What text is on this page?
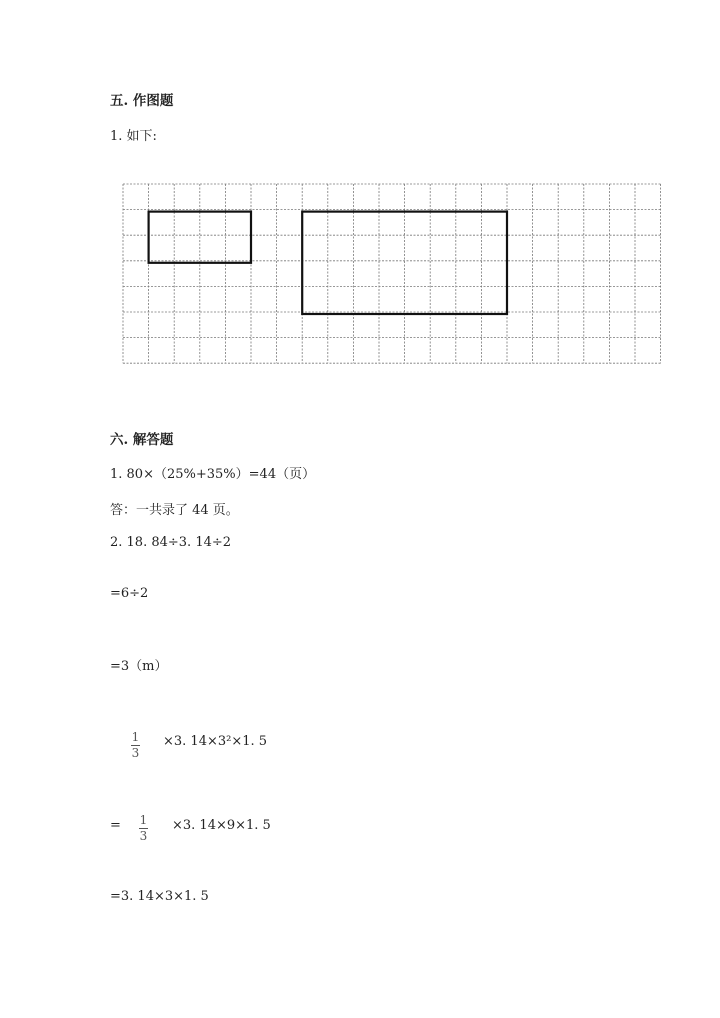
五. 作图题
1. 如下:
六. 解答题
1. 80×（25%+35%）=44（页）
答：一共录了 44 页。
2. 18. 84÷3. 14÷2
=6÷2
=3（m）
1
3
×3. 14×3²×1. 5
= 1
3
×3. 14×9×1. 5
=3. 14×3×1. 5
